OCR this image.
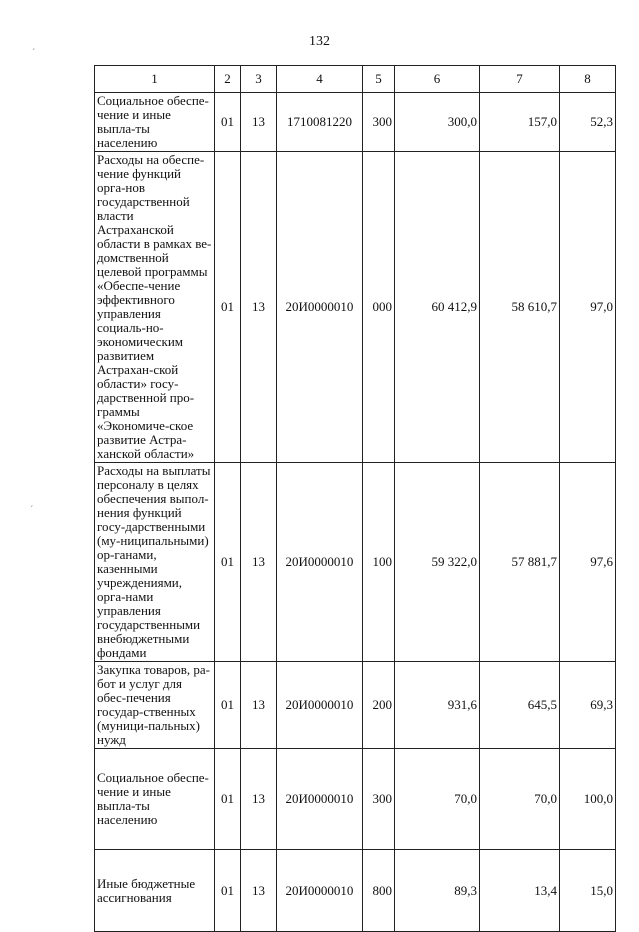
132
1	2	3	4	5	6	7	8
Социальное обеспе-чение и иные выпла-ты населению	01	13	1710081220	300	300,0	157,0	52,3
Расходы на обеспе-чение функций орга-нов государственной власти Астраханской области в рамках ве-домственной целевой программы «Обеспе-чение эффективного управления социаль-но-экономическим развитием Астрахан-ской области» госу-дарственной про-граммы «Экономиче-ское развитие Астра-ханской области»	01	13	20И0000010	000	60 412,9	58 610,7	97,0
Расходы на выплаты персоналу в целях обеспечения выпол-нения функций госу-дарственными (му-ниципальными) ор-ганами, казенными учреждениями, орга-нами управления государственными внебюджетными фондами	01	13	20И0000010	100	59 322,0	57 881,7	97,6
Закупка товаров, ра-бот и услуг для обес-печения государ-ственных (муници-пальных) нужд	01	13	20И0000010	200	931,6	645,5	69,3
Социальное обеспе-чение и иные выпла-ты населению	01	13	20И0000010	300	70,0	70,0	100,0
Иные бюджетные ассигнования	01	13	20И0000010	800	89,3	13,4	15,0
´
´
